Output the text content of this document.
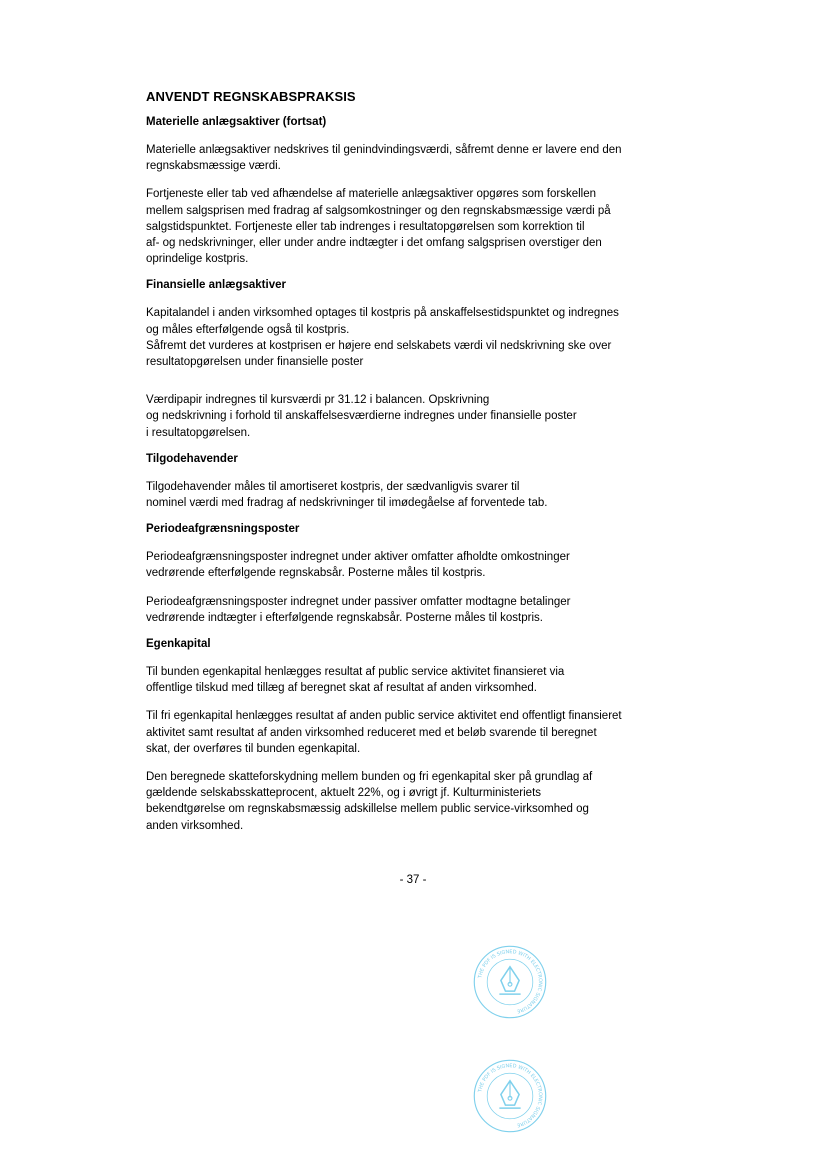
ANVENDT REGNSKABSPRAKSIS
Materielle anlægsaktiver (fortsat)
Materielle anlægsaktiver nedskrives til genindvindingsværdi, såfremt denne er lavere end den
regnskabsmæssige værdi.
Fortjeneste eller tab ved afhændelse af materielle anlægsaktiver opgøres som forskellen
mellem salgsprisen med fradrag af salgsomkostninger og den regnskabsmæssige værdi på
salgstidspunktet. Fortjeneste eller tab indrenges i resultatopgørelsen som korrektion til
af- og nedskrivninger, eller under andre indtægter i det omfang salgsprisen overstiger den
oprindelige kostpris.
Finansielle anlægsaktiver
Kapitalandel i anden virksomhed optages til kostpris på anskaffelsestidspunktet og indregnes
og måles efterfølgende også til kostpris.
Såfremt det vurderes at kostprisen er højere end selskabets værdi vil nedskrivning ske over
resultatopgørelsen under finansielle poster
Værdipapir indregnes til kursværdi pr 31.12 i balancen. Opskrivning
og nedskrivning i forhold til anskaffelsesværdierne indregnes under finansielle poster
i resultatopgørelsen.
Tilgodehavender
Tilgodehavender måles til amortiseret kostpris, der sædvanligvis svarer til
nominel værdi med fradrag af nedskrivninger til imødegåelse af forventede tab.
Periodeafgrænsningsposter
Periodeafgrænsningsposter indregnet under aktiver omfatter afholdte omkostninger
vedrørende efterfølgende regnskabsår. Posterne måles til kostpris.
Periodeafgrænsningsposter indregnet under passiver omfatter modtagne betalinger
vedrørende indtægter i efterfølgende regnskabsår. Posterne måles til kostpris.
Egenkapital
Til bunden egenkapital henlægges resultat af public service aktivitet finansieret via
offentlige tilskud med tillæg af beregnet skat af resultat af anden virksomhed.
Til fri egenkapital henlægges resultat af anden public service aktivitet end offentligt finansieret
aktivitet samt resultat af anden virksomhed reduceret med et beløb svarende til beregnet
skat, der overføres til bunden egenkapital.
Den beregnede skatteforskydning mellem bunden og fri egenkapital sker på grundlag af
gældende selskabsskatteprocent, aktuelt 22%, og i øvrigt jf. Kulturministeriets
bekendtgørelse om regnskabsmæssig adskillelse mellem public service-virksomhed og
anden virksomhed.
- 37 -
THE PDF IS SIGNED WITH ELECTRONIC SIGNATURE
THE PDF IS SIGNED WITH ELECTRONIC SIGNATURE
